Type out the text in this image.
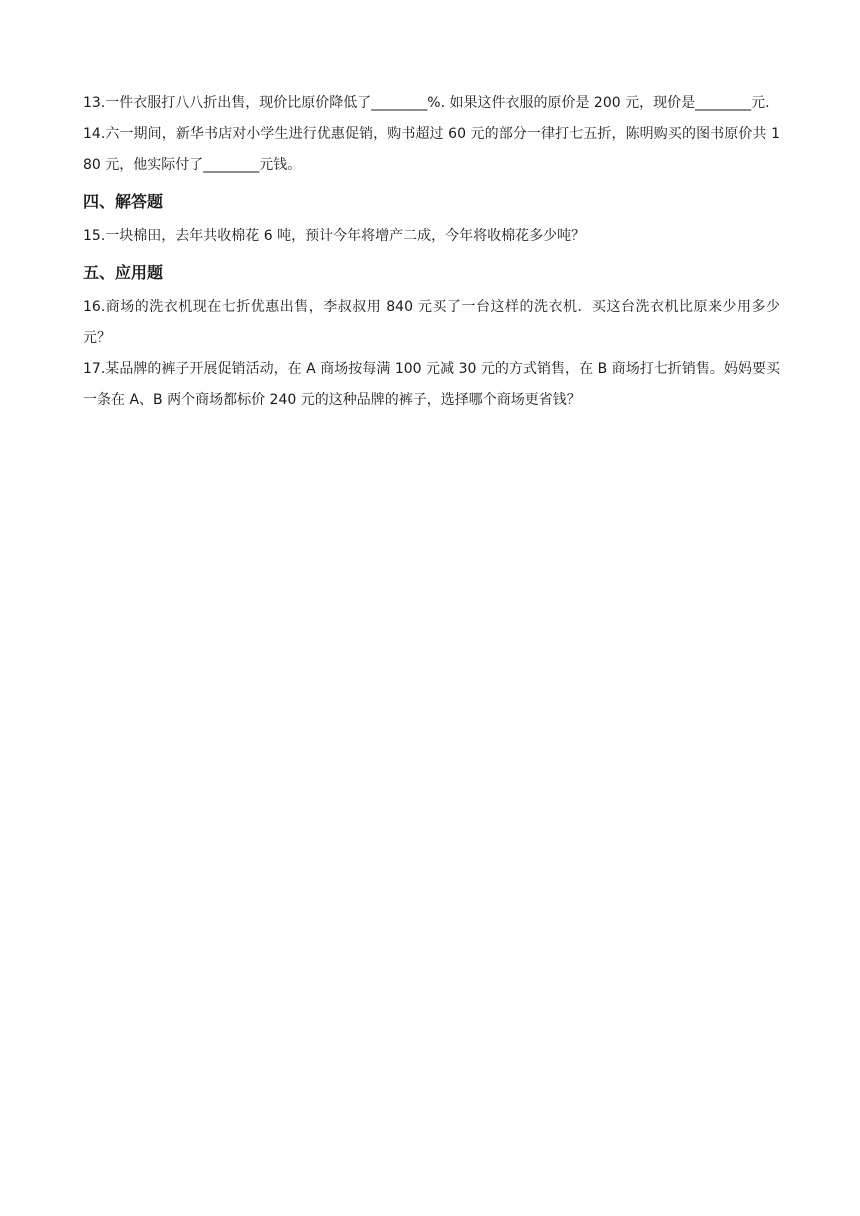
13.一件衣服打八八折出售，现价比原价降低了________%. 如果这件衣服的原价是 200 元，现价是________元.

14.六一期间，新华书店对小学生进行优惠促销，购书超过 60 元的部分一律打七五折，陈明购买的图书原价共 180 元，他实际付了________元钱。

四、解答题

15.一块棉田，去年共收棉花 6 吨，预计今年将增产二成，今年将收棉花多少吨？

五、应用题

16.商场的洗衣机现在七折优惠出售，李叔叔用 840 元买了一台这样的洗衣机．买这台洗衣机比原来少用多少元？

17.某品牌的裤子开展促销活动，在 A 商场按每满 100 元减 30 元的方式销售，在 B 商场打七折销售。妈妈要买一条在 A、B 两个商场都标价 240 元的这种品牌的裤子，选择哪个商场更省钱？
